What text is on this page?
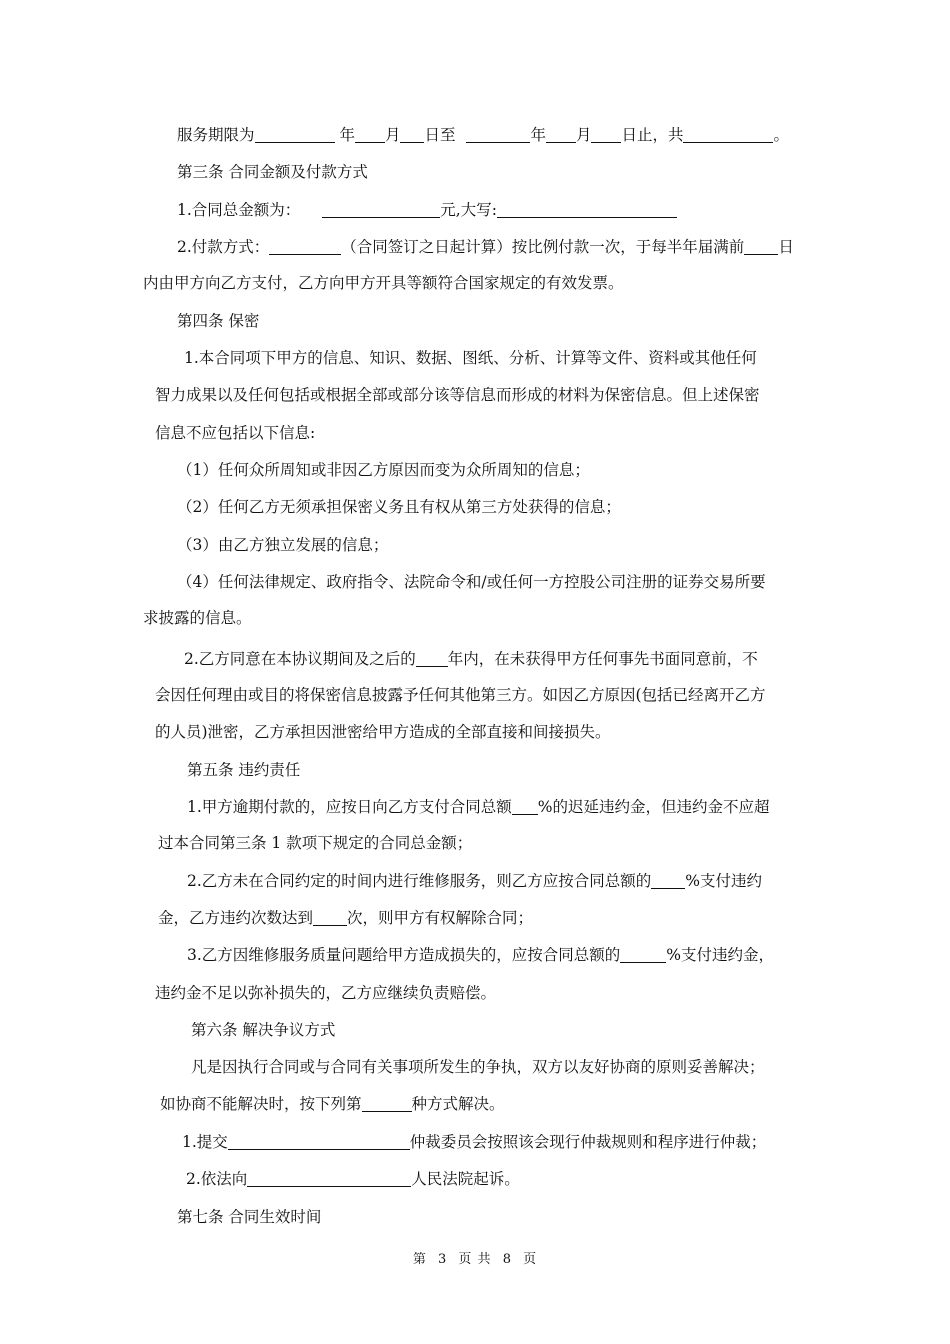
服务期限为	年 月 日至	年 月 日止，共	。
第三条 合同金额及付款方式
1.合同总金额为：	元,大写:
2.付款方式：	（合同签订之日起计算）按比例付款一次，于每半年届满前 日
内由甲方向乙方支付，乙方向甲方开具等额符合国家规定的有效发票。
第四条 保密
1.本合同项下甲方的信息、知识、数据、图纸、分析、计算等文件、资料或其他任何
智力成果以及任何包括或根据全部或部分该等信息而形成的材料为保密信息。但上述保密
信息不应包括以下信息:
（1）任何众所周知或非因乙方原因而变为众所周知的信息；
（2）任何乙方无须承担保密义务且有权从第三方处获得的信息；
（3）由乙方独立发展的信息；
（4）任何法律规定、政府指令、法院命令和/或任何一方控股公司注册的证券交易所要
求披露的信息。
2.乙方同意在本协议期间及之后的 年内，在未获得甲方任何事先书面同意前，不
会因任何理由或目的将保密信息披露予任何其他第三方。如因乙方原因(包括已经离开乙方
的人员)泄密，乙方承担因泄密给甲方造成的全部直接和间接损失。
第五条 违约责任
1.甲方逾期付款的，应按日向乙方支付合同总额 %的迟延违约金，但违约金不应超
过本合同第三条 1 款项下规定的合同总金额；
2.乙方未在合同约定的时间内进行维修服务，则乙方应按合同总额的 %支付违约
金，乙方违约次数达到 次，则甲方有权解除合同；
3.乙方因维修服务质量问题给甲方造成损失的，应按合同总额的	%支付违约金，
违约金不足以弥补损失的，乙方应继续负责赔偿。
第六条 解决争议方式
凡是因执行合同或与合同有关事项所发生的争执，双方以友好协商的原则妥善解决；
如协商不能解决时，按下列第	种方式解决。
1.提交	仲裁委员会按照该会现行仲裁规则和程序进行仲裁；
2.依法向	人民法院起诉。
第七条 合同生效时间
第 3 页 共 8 页
